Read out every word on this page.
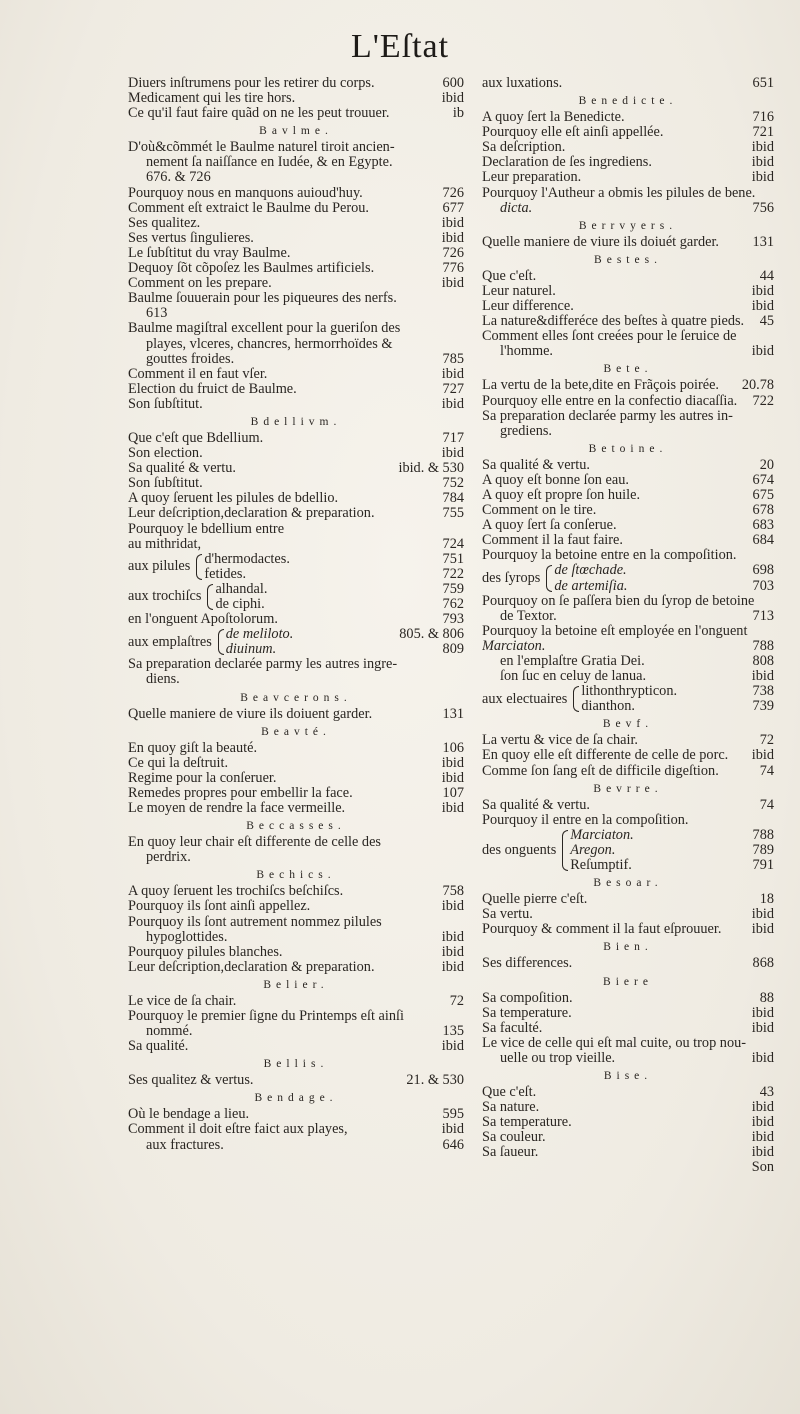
L'Eſtat
Diuers inſtrumens pour les retirer du corps.	600
Medicament qui les tire hors.	ibid
Ce qu'il faut faire quãd on ne les peut trouuer.	ib
Bavlme.
D'où&cõmmét le Baulme naturel tiroit ancien-
nement ſa naiſſance en Iudée, & en Egypte.
676. & 726
Pourquoy nous en manquons auioud'huy.	726
Comment eſt extraict le Baulme du Perou.	677
Ses qualitez.	ibid
Ses vertus ſingulieres.	ibid
Le ſubſtitut du vray Baulme.	726
Dequoy ſõt cõpoſez les Baulmes artificiels.	776
Comment on les prepare.	ibid
Baulme ſouuerain pour les piqueures des nerfs.
613
Baulme magiſtral excellent pour la gueriſon des
playes, vlceres, chancres, hermorrhoïdes &
gouttes froides.	785
Comment il en faut vſer.	ibid
Election du fruict de Baulme.	727
Son ſubſtitut.	ibid
Bdellivm.
Que c'eſt que Bdellium.	717
Son election.	ibid
Sa qualité & vertu.	ibid. & 530
Son ſubſtitut.	752
A quoy ſeruent les pilules de bdellio.	784
Leur deſcription,declaration & preparation.	755
Pourquoy le bdellium entre
au mithridat,	724
aux pilules d'hermodactes.	751
fetides.	722
aux trochiſcs alhandal.	759
de ciphi.	762
en l'onguent Apoſtolorum.	793
aux emplaſtres de meliloto.	805. & 806
diuinum.	809
Sa preparation declarée parmy les autres ingre-
diens.
Beavcerons.
Quelle maniere de viure ils doiuent garder.	131
Beavté.
En quoy giſt la beauté.	106
Ce qui la deſtruit.	ibid
Regime pour la conſeruer.	ibid
Remedes propres pour embellir la face.	107
Le moyen de rendre la face vermeille.	ibid
Beccasses.
En quoy leur chair eſt differente de celle des
perdrix.
Bechics.
A quoy ſeruent les trochiſcs beſchiſcs.	758
Pourquoy ils ſont ainſi appellez.	ibid
Pourquoy ils ſont autrement nommez pilules
hypoglottides.	ibid
Pourquoy pilules blanches.	ibid
Leur deſcription,declaration & preparation.	ibid
Belier.
Le vice de ſa chair.	72
Pourquoy le premier ſigne du Printemps eſt ainſi
nommé.	135
Sa qualité.	ibid
Bellis.
Ses qualitez & vertus.	21. & 530
Bendage.
Où le bendage a lieu.	595
Comment il doit eſtre faict aux playes,	ibid
aux fractures.	646
aux luxations.	651
Benedicte.
A quoy ſert la Benedicte.	716
Pourquoy elle eſt ainſi appellée.	721
Sa deſcription.	ibid
Declaration de ſes ingrediens.	ibid
Leur preparation.	ibid
Pourquoy l'Autheur a obmis les pilules de bene.
dicta.	756
Berrvyers.
Quelle maniere de viure ils doiuét garder.	131
Bestes.
Que c'eſt.	44
Leur naturel.	ibid
Leur difference.	ibid
La nature&differéce des beſtes à quatre pieds.	45
Comment elles ſont creées pour le ſeruice de
l'homme.	ibid
Bete.
La vertu de la bete,dite en Frãçois poirée.	20.78
Pourquoy elle entre en la confectio diacaſſia.	722
Sa preparation declarée parmy les autres in-
grediens.
Betoine.
Sa qualité & vertu.	20
A quoy eſt bonne ſon eau.	674
A quoy eſt propre ſon huile.	675
Comment on le tire.	678
A quoy ſert ſa conſerue.	683
Comment il la faut faire.	684
Pourquoy la betoine entre en la compoſition.
des ſyrops de ſtœchade.	698
de artemiſia.	703
Pourquoy on ſe paſſera bien du ſyrop de betoine
de Textor.	713
Pourquoy la betoine eſt employée en l'onguent
Marciaton.	788
en l'emplaſtre Gratia Dei.	808
ſon ſuc en celuy de lanua.	ibid
aux electuaires lithonthrypticon.	738
dianthon.	739
Bevf.
La vertu & vice de ſa chair.	72
En quoy elle eſt differente de celle de porc.	ibid
Comme ſon ſang eſt de difficile digeſtion.	74
Bevrre.
Sa qualité & vertu.	74
Pourquoy il entre en la compoſition.
des onguents
Marciaton.	788
Aregon.	789
Reſumptif.	791
Besoar.
Quelle pierre c'eſt.	18
Sa vertu.	ibid
Pourquoy & comment il la faut eſprouuer.	ibid
Bien.
Ses differences.	868
Biere
Sa compoſition.	88
Sa temperature.	ibid
Sa faculté.	ibid
Le vice de celle qui eſt mal cuite, ou trop nou-
uelle ou trop vieille.	ibid
Bise.
Que c'eſt.	43
Sa nature.	ibid
Sa temperature.	ibid
Sa couleur.	ibid
Sa ſaueur.	ibid
Son
